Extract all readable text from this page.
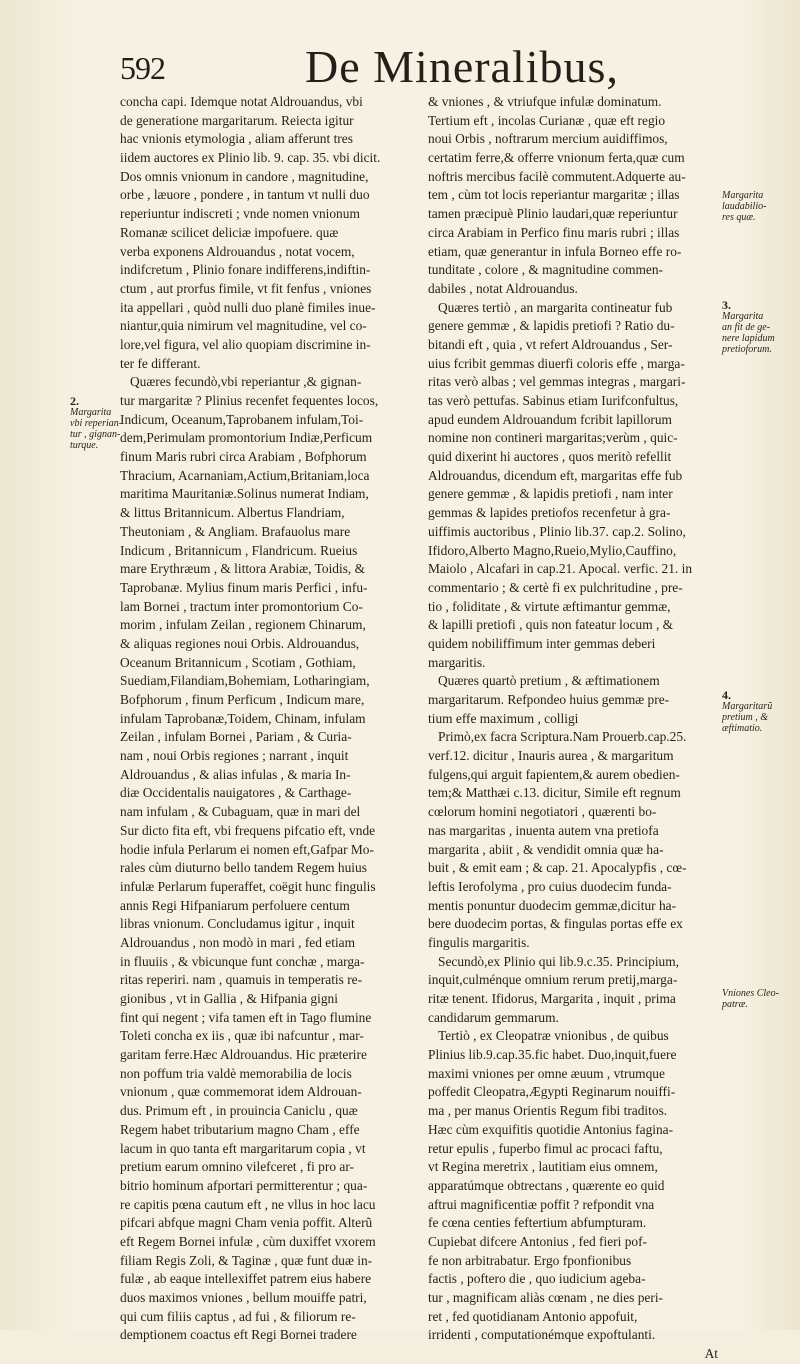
592	De Mineralibus,
concha capi. Idemque notat Aldrouandus, vbi
de generatione margaritarum. Reiecta igitur
hac vnionis etymologia , aliam afferunt tres
iidem auctores ex Plinio lib. 9. cap. 35. vbi dicit.
Dos omnis vnionum in candore , magnitudine,
orbe , læuore , pondere , in tantum vt nulli duo
reperiuntur indiscreti ; vnde nomen vnionum
Romanæ scilicet deliciæ impofuere. quæ
verba exponens Aldrouandus , notat vocem,
indifcretum , Plinio fonare indifferens,indiftin-
ctum , aut prorfus fimile, vt fit fenfus , vniones
ita appellari , quòd nulli duo planè fimiles inue-
niantur,quia nimirum vel magnitudine, vel co-
lore,vel figura, vel alio quopiam discrimine in-
ter fe differant.
Quæres fecundò,vbi reperiantur ,& gignan-
tur margaritæ ? Plinius recenfet fequentes locos,
Indicum, Oceanum,Taprobanem infulam,Toi-
dem,Perimulam promontorium Indiæ,Perficum
finum Maris rubri circa Arabiam , Bofphorum
Thracium, Acarnaniam,Actium,Britaniam,loca
maritima Mauritaniæ.Solinus numerat Indiam,
& littus Britannicum. Albertus Flandriam,
Theutoniam , & Angliam. Brafauolus mare
Indicum , Britannicum , Flandricum. Rueius
mare Erythræum , & littora Arabiæ, Toidis, &
Taprobanæ. Mylius finum maris Perfici , infu-
lam Bornei , tractum inter promontorium Co-
morim , infulam Zeilan , regionem Chinarum,
& aliquas regiones noui Orbis. Aldrouandus,
Oceanum Britannicum , Scotiam , Gothiam,
Suediam,Filandiam,Bohemiam, Lotharingiam,
Bofphorum , finum Perficum , Indicum mare,
infulam Taprobanæ,Toidem, Chinam, infulam
Zeilan , infulam Bornei , Pariam , & Curia-
nam , noui Orbis regiones ; narrant , inquit
Aldrouandus , & alias infulas , & maria In-
diæ Occidentalis nauigatores , & Carthage-
nam infulam , & Cubaguam, quæ in mari del
Sur dicto fita eft, vbi frequens pifcatio eft, vnde
hodie infula Perlarum ei nomen eft,Gafpar Mo-
rales cùm diuturno bello tandem Regem huius
infulæ Perlarum fuperaffet, coëgit hunc fingulis
annis Regi Hifpaniarum perfoluere centum
libras vnionum. Concludamus igitur , inquit
Aldrouandus , non modò in mari , fed etiam
in fluuiis , & vbicunque funt conchæ , marga-
ritas reperiri. nam , quamuis in temperatis re-
gionibus , vt in Gallia , & Hifpania gigni
fint qui negent ; vifa tamen eft in Tago flumine
Toleti concha ex iis , quæ ibi nafcuntur , mar-
garitam ferre.Hæc Aldrouandus. Hic præterire
non poffum tria valdè memorabilia de locis
vnionum , quæ commemorat idem Aldrouan-
dus. Primum eft , in prouincia Caniclu , quæ
Regem habet tributarium magno Cham , effe
lacum in quo tanta eft margaritarum copia , vt
pretium earum omnino vilefceret , fi pro ar-
bitrio hominum afportari permitterentur ; qua-
re capitis pœna cautum eft , ne vllus in hoc lacu
pifcari abfque magni Cham venia poffit. Alterũ
eft Regem Bornei infulæ , cùm duxiffet vxorem
filiam Regis Zoli, & Taginæ , quæ funt duæ in-
fulæ , ab eaque intellexiffet patrem eius habere
duos maximos vniones , bellum mouiffe patri,
qui cum filiis captus , ad fui , & filiorum re-
demptionem coactus eft Regi Bornei tradere
& vniones , & vtriufque infulæ dominatum.
Tertium eft , incolas Curianæ , quæ eft regio
noui Orbis , noftrarum mercium auidiffimos,
certatim ferre,& offerre vnionum ferta,quæ cum
noftris mercibus facilè commutent.Adquerte au-
tem , cùm tot locis reperiantur margaritæ ; illas
tamen præcipuè Plinio laudari,quæ reperiuntur
circa Arabiam in Perfico finu maris rubri ; illas
etiam, quæ generantur in infula Borneo effe ro-
tunditate , colore , & magnitudine commen-
dabiles , notat Aldrouandus.
Quæres tertiò , an margarita contineatur fub
genere gemmæ , & lapidis pretiofi ? Ratio du-
bitandi eft , quia , vt refert Aldrouandus , Ser-
uius fcribit gemmas diuerfi coloris effe , marga-
ritas verò albas ; vel gemmas integras , margari-
tas verò pettufas. Sabinus etiam Iurifconfultus,
apud eundem Aldrouandum fcribit lapillorum
nomine non contineri margaritas;verùm , quic-
quid dixerint hi auctores , quos meritò refellit
Aldrouandus, dicendum eft, margaritas effe fub
genere gemmæ , & lapidis pretiofi , nam inter
gemmas & lapides pretiofos recenfetur à gra-
uiffimis auctoribus , Plinio lib.37. cap.2. Solino,
Ifidoro,Alberto Magno,Rueio,Mylio,Cauffino,
Maiolo , Alcafari in cap.21. Apocal. verfic. 21. in
commentario ; & certè fi ex pulchritudine , pre-
tio , foliditate , & virtute æftimantur gemmæ,
& lapilli pretiofi , quis non fateatur locum , &
quidem nobiliffimum inter gemmas deberi
margaritis.
Quæres quartò pretium , & æftimationem
margaritarum. Refpondeo huius gemmæ pre-
tium effe maximum , colligi
Primò,ex facra Scriptura.Nam Prouerb.cap.25.
verf.12. dicitur , Inauris aurea , & margaritum
fulgens,qui arguit fapientem,& aurem obedien-
tem;& Matthæi c.13. dicitur, Simile eft regnum
cœlorum homini negotiatori , quærenti bo-
nas margaritas , inuenta autem vna pretiofa
margarita , abiit , & vendidit omnia quæ ha-
buit , & emit eam ; & cap. 21. Apocalypfis , cœ-
leftis Ierofolyma , pro cuius duodecim funda-
mentis ponuntur duodecim gemmæ,dicitur ha-
bere duodecim portas, & fingulas portas effe ex
fingulis margaritis.
Secundò,ex Plinio qui lib.9.c.35. Principium,
inquit,culménque omnium rerum pretij,marga-
ritæ tenent. Ifidorus, Margarita , inquit , prima
candidarum gemmarum.
Tertiò , ex Cleopatræ vnionibus , de quibus
Plinius lib.9.cap.35.fic habet. Duo,inquit,fuere
maximi vniones per omne æuum , vtrumque
poffedit Cleopatra,Ægypti Reginarum nouiffi-
ma , per manus Orientis Regum fibi traditos.
Hæc cùm exquifitis quotidie Antonius fagina-
retur epulis , fuperbo fimul ac procaci faftu,
vt Regina meretrix , lautitiam eius omnem,
apparatúmque obtrectans , quærente eo quid
aftrui magnificentiæ poffit ? refpondit vna
fe cœna centies feftertium abfumpturam.
Cupiebat difcere Antonius , fed fieri pof-
fe non arbitrabatur. Ergo fponfionibus
factis , poftero die , quo iudicium ageba-
tur , magnificam aliàs cœnam , ne dies peri-
ret , fed quotidianam Antonio appofuit,
irridenti , computationémque expoftulanti.
At
2.
Margarita
vbi reperian-
tur , gignan-
turque.
Margarita
laudabilio-
res quæ.
3.
Margarita
an fit de ge-
nere lapidum
pretioforum.
4.
Margaritarũ
pretium , &
æftimatio.
Vniones Cleo-
patræ.
